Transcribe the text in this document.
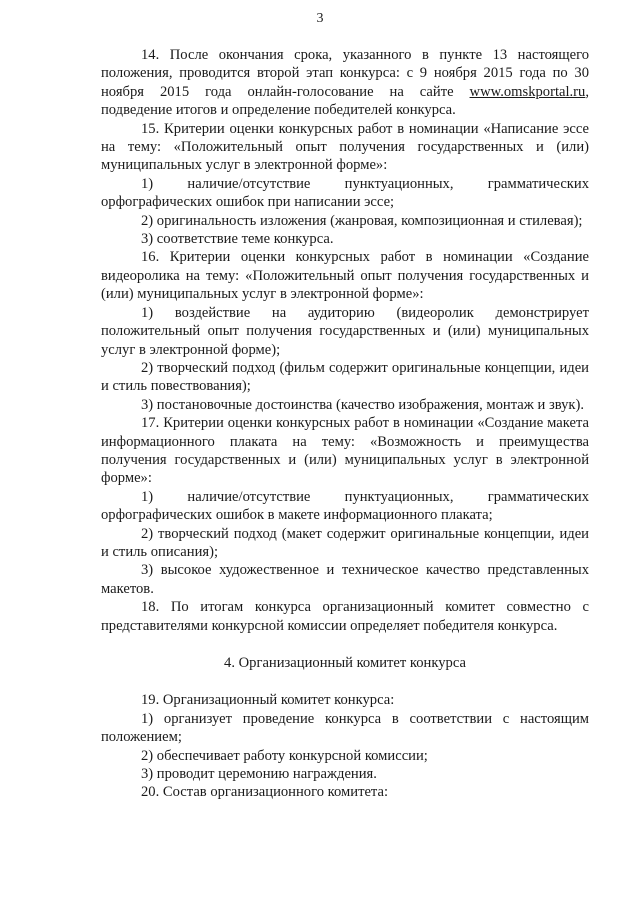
3

14. После окончания срока, указанного в пункте 13 настоящего положения, проводится второй этап конкурса: с 9 ноября 2015 года по 30 ноября 2015 года онлайн-голосование на сайте www.omskportal.ru, подведение итогов и определение победителей конкурса.

15. Критерии оценки конкурсных работ в номинации «Написание эссе на тему: «Положительный опыт получения государственных и (или) муниципальных услуг в электронной форме»:

1) наличие/отсутствие пунктуационных, грамматических орфографических ошибок при написании эссе;

2) оригинальность изложения (жанровая, композиционная и стилевая);

3) соответствие теме конкурса.

16. Критерии оценки конкурсных работ в номинации «Создание видеоролика на тему: «Положительный опыт получения государственных и (или) муниципальных услуг в электронной форме»:

1) воздействие на аудиторию (видеоролик демонстрирует положительный опыт получения государственных и (или) муниципальных услуг в электронной форме);

2) творческий подход (фильм содержит оригинальные концепции, идеи и стиль повествования);

3) постановочные достоинства (качество изображения, монтаж и звук).

17. Критерии оценки конкурсных работ в номинации «Создание макета информационного плаката на тему: «Возможность и преимущества получения государственных и (или) муниципальных услуг в электронной форме»:

1) наличие/отсутствие пунктуационных, грамматических орфографических ошибок в макете информационного плаката;

2) творческий подход (макет содержит оригинальные концепции, идеи и стиль описания);

3) высокое художественное и техническое качество представленных макетов.

18. По итогам конкурса организационный комитет совместно с представителями конкурсной комиссии определяет победителя конкурса.

4. Организационный комитет конкурса

19. Организационный комитет конкурса:

1) организует проведение конкурса в соответствии с настоящим положением;

2) обеспечивает работу конкурсной комиссии;

3) проводит церемонию награждения.

20. Состав организационного комитета:
